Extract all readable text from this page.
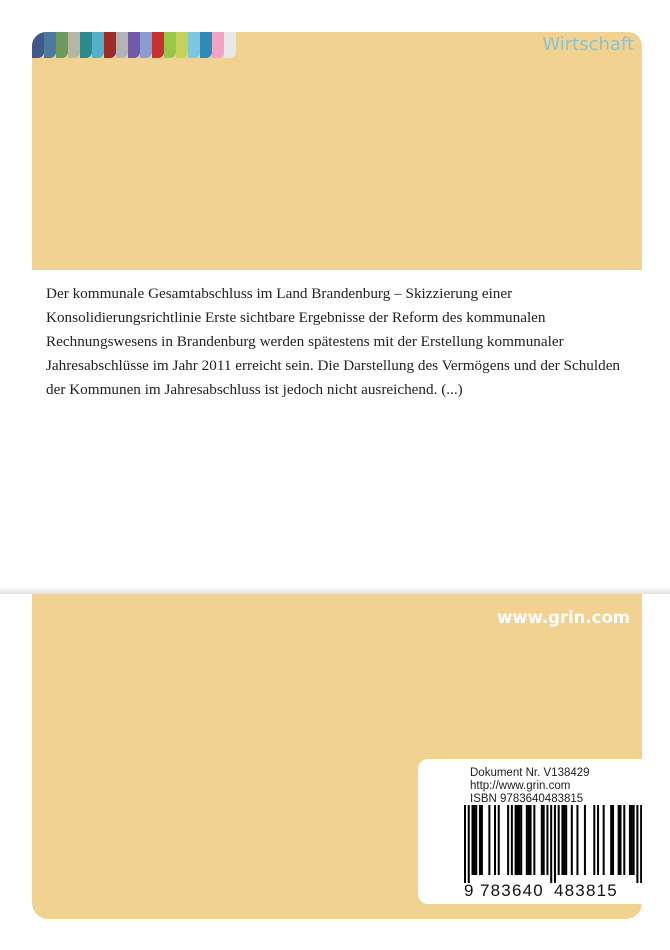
Wirtschaft

Der kommunale Gesamtabschluss im Land Brandenburg – Skizzierung einer Konsolidierungsrichtlinie Erste sichtbare Ergebnisse der Reform des kommunalen Rechnungswesens in Brandenburg werden spätestens mit der Erstellung kommunaler Jahresabschlüsse im Jahr 2011 erreicht sein. Die Darstellung des Vermögens und der Schulden der Kommunen im Jahresabschluss ist jedoch nicht ausreichend. (...)

www.grin.com
Dokument Nr. V138429
http://www.grin.com
ISBN 9783640483815
9 783640 483815
